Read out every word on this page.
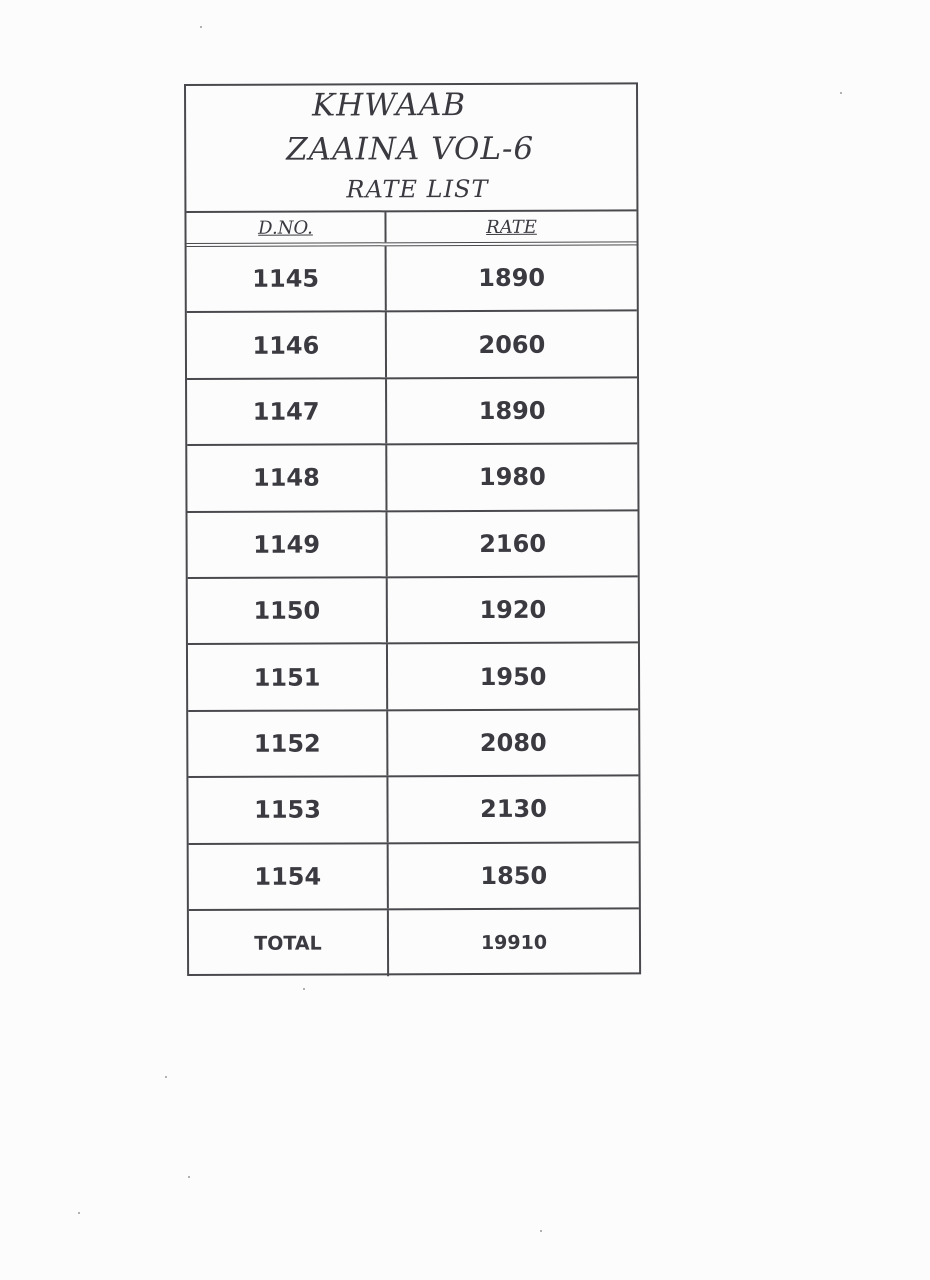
KHWAAB
ZAAINA VOL-6
RATE LIST
D.NO.	RATE
1145	1890
1146	2060
1147	1890
1148	1980
1149	2160
1150	1920
1151	1950
1152	2080
1153	2130
1154	1850
TOTAL	19910
